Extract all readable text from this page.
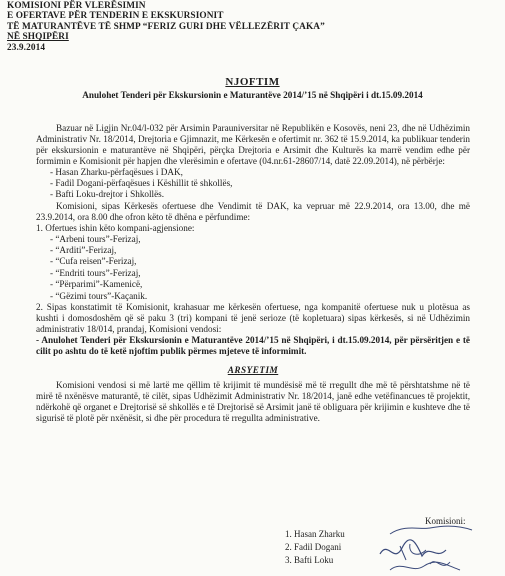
KOMISIONI PËR VLERËSIMIN
E OFERTAVE PËR TENDERIN E EKSKURSIONIT
TË MATURANTËVE TË SHMP “FERIZ GURI DHE VËLLEZËRIT ÇAKA”
NË SHQIPËRI
23.9.2014
NJOFTIM
Anulohet Tenderi për Ekskursionin e Maturantëve 2014/’15 në Shqipëri i dt.15.09.2014

Bazuar në Ligjin Nr.04/l-032 për Arsimin Parauniversitar në Republikën e Kosovës, neni 23, dhe në Udhëzimin Administrativ Nr. 18/2014, Drejtoria e Gjimnazit, me Kërkesën e ofertimit nr. 362 të 15.9.2014, ka publikuar tenderin për ekskursionin e maturantëve në Shqipëri, përçka Drejtoria e Arsimit dhe Kulturës ka marrë vendim edhe për formimin e Komisionit për hapjen dhe vlerësimin e ofertave (04.nr.61-28607/14, datë 22.09.2014), në përbërje:

- Hasan Zharku-përfaqësues i DAK,
- Fadil Dogani-përfaqësues i Këshillit të shkollës,
- Bafti Loku-drejtor i Shkollës.

Komisioni, sipas Kërkesës ofertuese dhe Vendimit të DAK, ka vepruar më 22.9.2014, ora 13.00, dhe më 23.9.2014, ora 8.00 dhe ofron këto të dhëna e përfundime:

1. Ofertues ishin këto kompani-agjensione:

- “Arbeni tours”-Ferizaj,
- “Arditi”-Ferizaj,
- “Cufa reisen”-Ferizaj,
- “Endriti tours”-Ferizaj,
- “Përparimi”-Kamenicë,
- “Gëzimi tours”-Kaçanik.

2. Sipas konstatimit të Komisionit, krahasuar me kërkesën ofertuese, nga kompanitë ofertuese nuk u plotësua as kushti i domosdoshëm që së paku 3 (tri) kompani të jenë serioze (të kopletuara) sipas kërkesës, si në Udhëzimin administrativ 18/014, prandaj, Komisioni vendosi:

- Anulohet Tenderi për Ekskursionin e Maturantëve 2014/’15 në Shqipëri, i dt.15.09.2014, për përsëritjen e të cilit po ashtu do të ketë njoftim publik përmes mjeteve të informimit.

ARSYETIM

Komisioni vendosi si më lartë me qëllim të krijimit të mundësisë më të rregullt dhe më të përshtatshme në të mirë të nxënësve maturantë, të cilët, sipas Udhëzimit Administrativ Nr. 18/2014, janë edhe vetëfinancues të projektit, ndërkohë që organet e Drejtorisë së shkollës e të Drejtorisë së Arsimit janë të obliguara për krijimin e kushteve dhe të sigurisë të plotë për nxënësit, si dhe për procedura të rregullta administrative.

Komisioni:
1. Hasan Zharku
2. Fadil Dogani
3. Bafti Loku
